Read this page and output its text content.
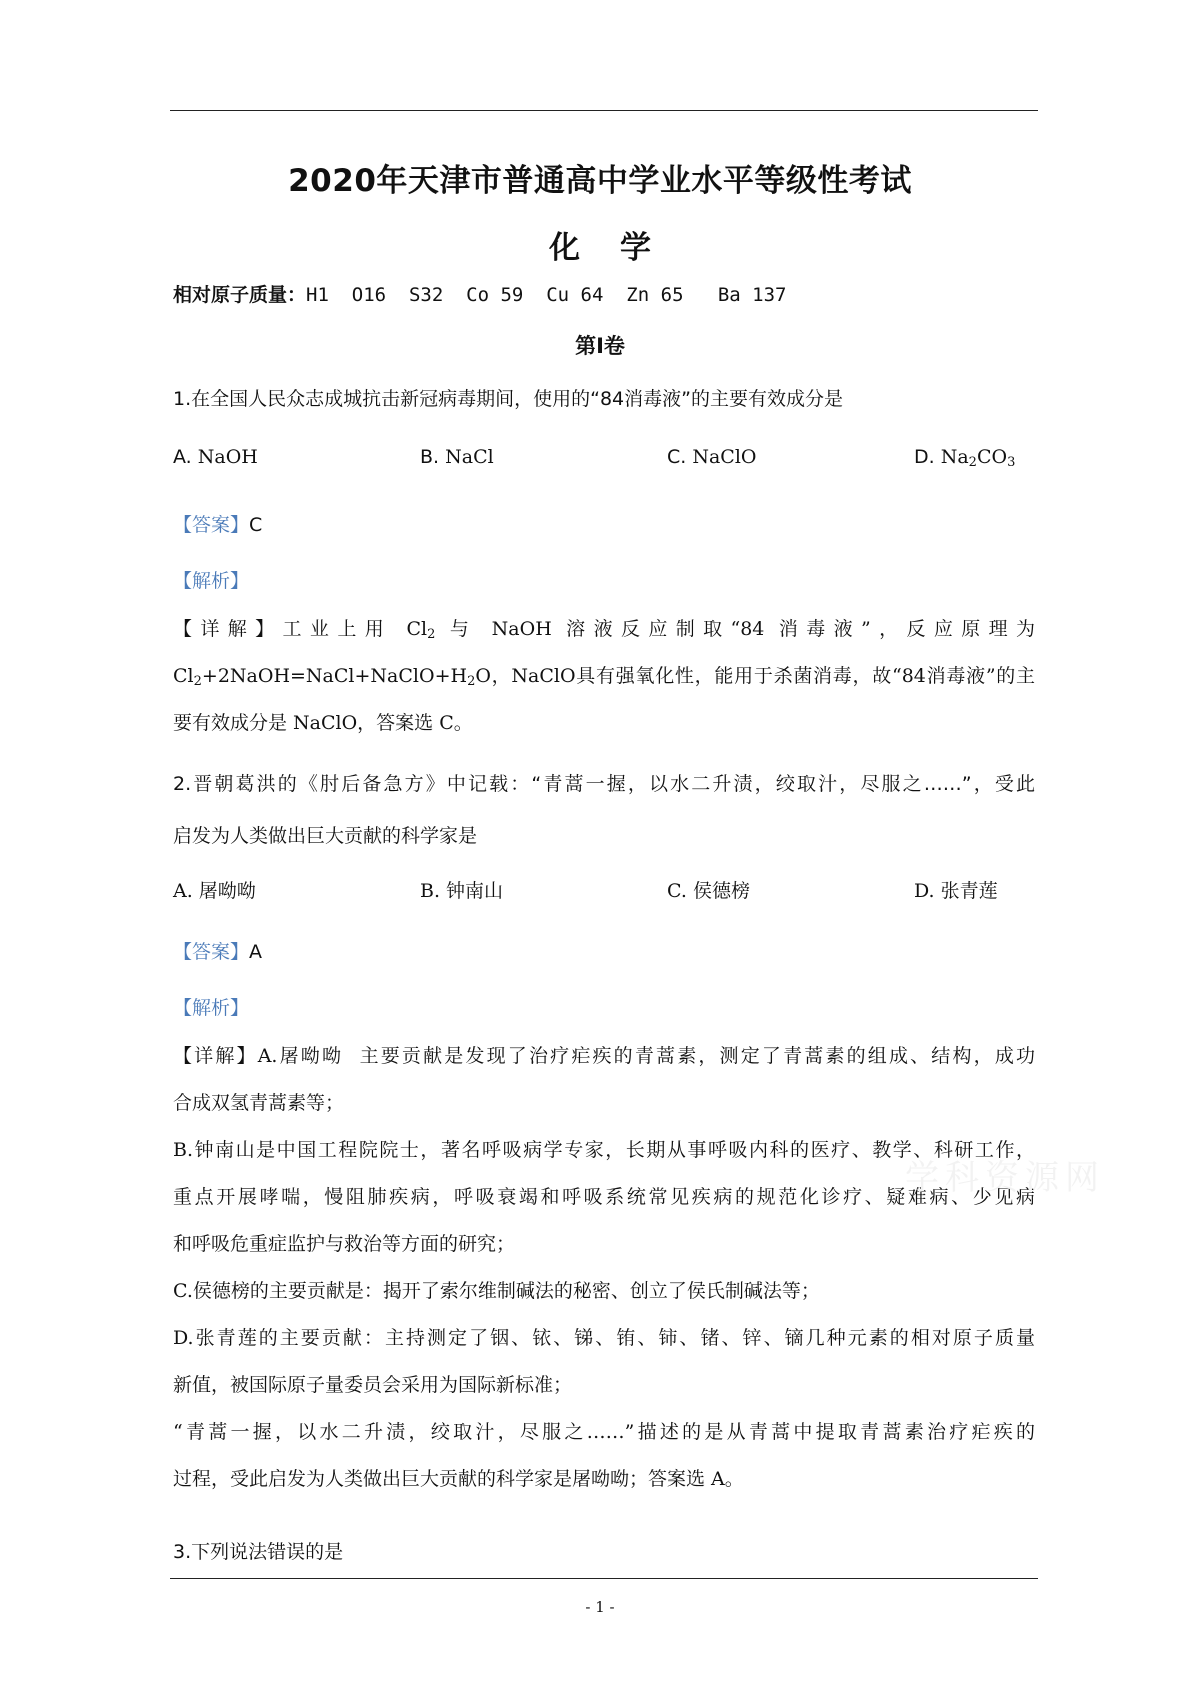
2020年天津市普通高中学业水平等级性考试
化 学
相对原子质量：H1  O16  S32  Co 59  Cu 64  Zn 65   Ba 137
第Ⅰ卷
1.在全国人民众志成城抗击新冠病毒期间，使用的“84消毒液”的主要有效成分是
A. NaOH	B. NaCl	C. NaClO	D. $Na_2CO_3$
【答案】C
【解析】
【详解】工业上用 $Cl_2$ 与 NaOH 溶液反应制取“84 消毒液”，反应原理为
$Cl_2+2NaOH=NaCl+NaClO+H_2O$，NaClO具有强氧化性，能用于杀菌消毒，故“84消毒液”的主
要有效成分是 NaClO，答案选 C。
2.晋朝葛洪的《肘后备急方》中记载：“青蒿一握，以水二升渍，绞取汁，尽服之……”，受此
启发为人类做出巨大贡献的科学家是
A. 屠呦呦	B. 钟南山	C. 侯德榜	D. 张青莲
【答案】A
【解析】
【详解】A.屠呦呦  主要贡献是发现了治疗疟疾的青蒿素，测定了青蒿素的组成、结构，成功
合成双氢青蒿素等；
B.钟南山是中国工程院院士，著名呼吸病学专家，长期从事呼吸内科的医疗、教学、科研工作，
重点开展哮喘，慢阻肺疾病，呼吸衰竭和呼吸系统常见疾病的规范化诊疗、疑难病、少见病
和呼吸危重症监护与救治等方面的研究；
C.侯德榜的主要贡献是：揭开了索尔维制碱法的秘密、创立了侯氏制碱法等；
D.张青莲的主要贡献：主持测定了铟、铱、锑、铕、铈、锗、锌、镝几种元素的相对原子质量
新值，被国际原子量委员会采用为国际新标准；
“青蒿一握，以水二升渍，绞取汁，尽服之……”描述的是从青蒿中提取青蒿素治疗疟疾的
过程，受此启发为人类做出巨大贡献的科学家是屠呦呦；答案选 A。
3.下列说法错误的是
- 1 -
学科资源网
